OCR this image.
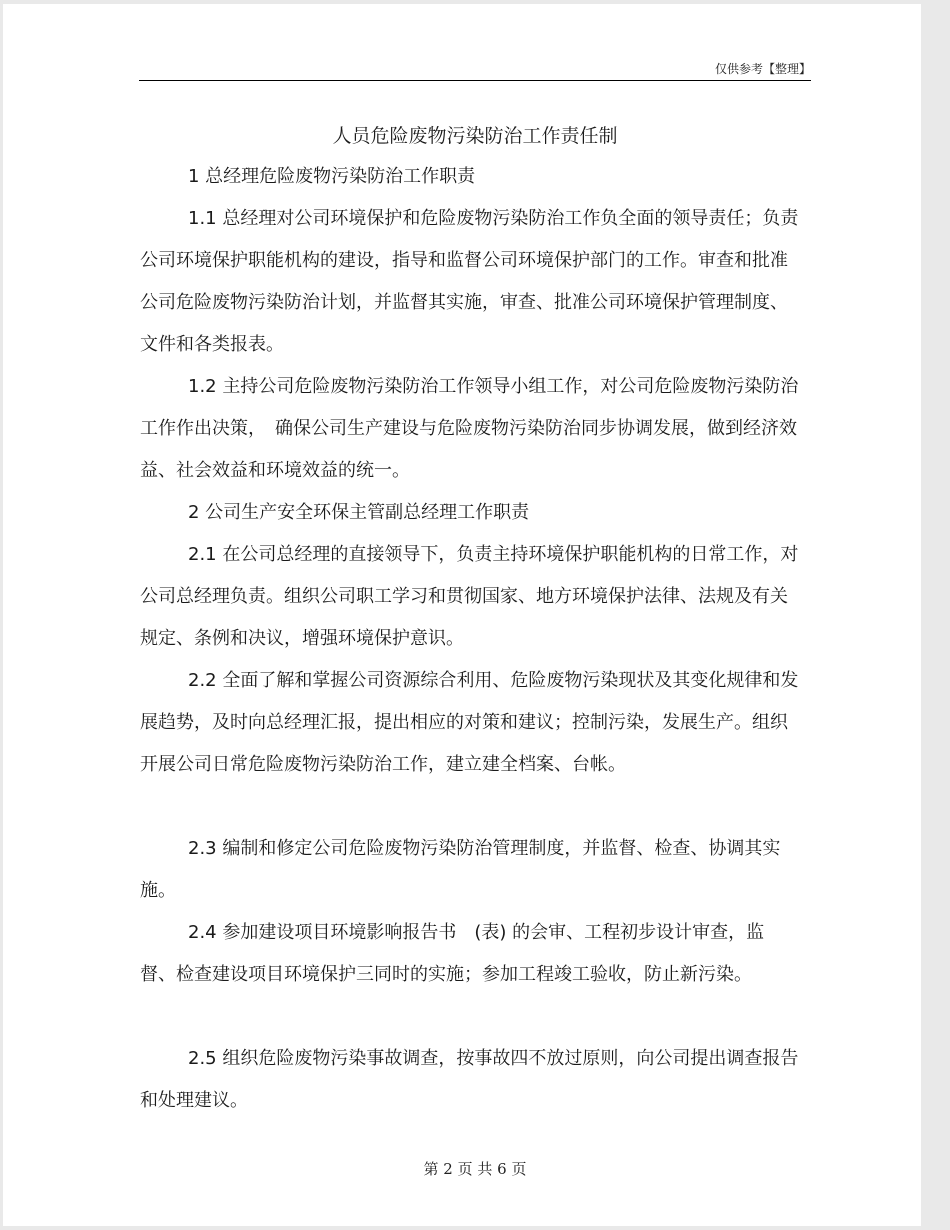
仅供参考【整理】
人员危险废物污染防治工作责任制

1 总经理危险废物污染防治工作职责

1.1 总经理对公司环境保护和危险废物污染防治工作负全面的领导责任；负责公司环境保护职能机构的建设，指导和监督公司环境保护部门的工作。审查和批准公司危险废物污染防治计划，并监督其实施，审查、批准公司环境保护管理制度、文件和各类报表。

1.2 主持公司危险废物污染防治工作领导小组工作，对公司危险废物污染防治工作作出决策，　确保公司生产建设与危险废物污染防治同步协调发展，做到经济效益、社会效益和环境效益的统一。

2 公司生产安全环保主管副总经理工作职责

2.1 在公司总经理的直接领导下，负责主持环境保护职能机构的日常工作，对公司总经理负责。组织公司职工学习和贯彻国家、地方环境保护法律、法规及有关规定、条例和决议，增强环境保护意识。

2.2 全面了解和掌握公司资源综合利用、危险废物污染现状及其变化规律和发展趋势，及时向总经理汇报，提出相应的对策和建议；控制污染，发展生产。组织开展公司日常危险废物污染防治工作，建立建全档案、台帐。

2.3 编制和修定公司危险废物污染防治管理制度，并监督、检查、协调其实施。

2.4 参加建设项目环境影响报告书　(表) 的会审、工程初步设计审查，监督、检查建设项目环境保护三同时的实施；参加工程竣工验收，防止新污染。

2.5 组织危险废物污染事故调查，按事故四不放过原则，向公司提出调查报告和处理建议。

第 2 页 共 6 页
